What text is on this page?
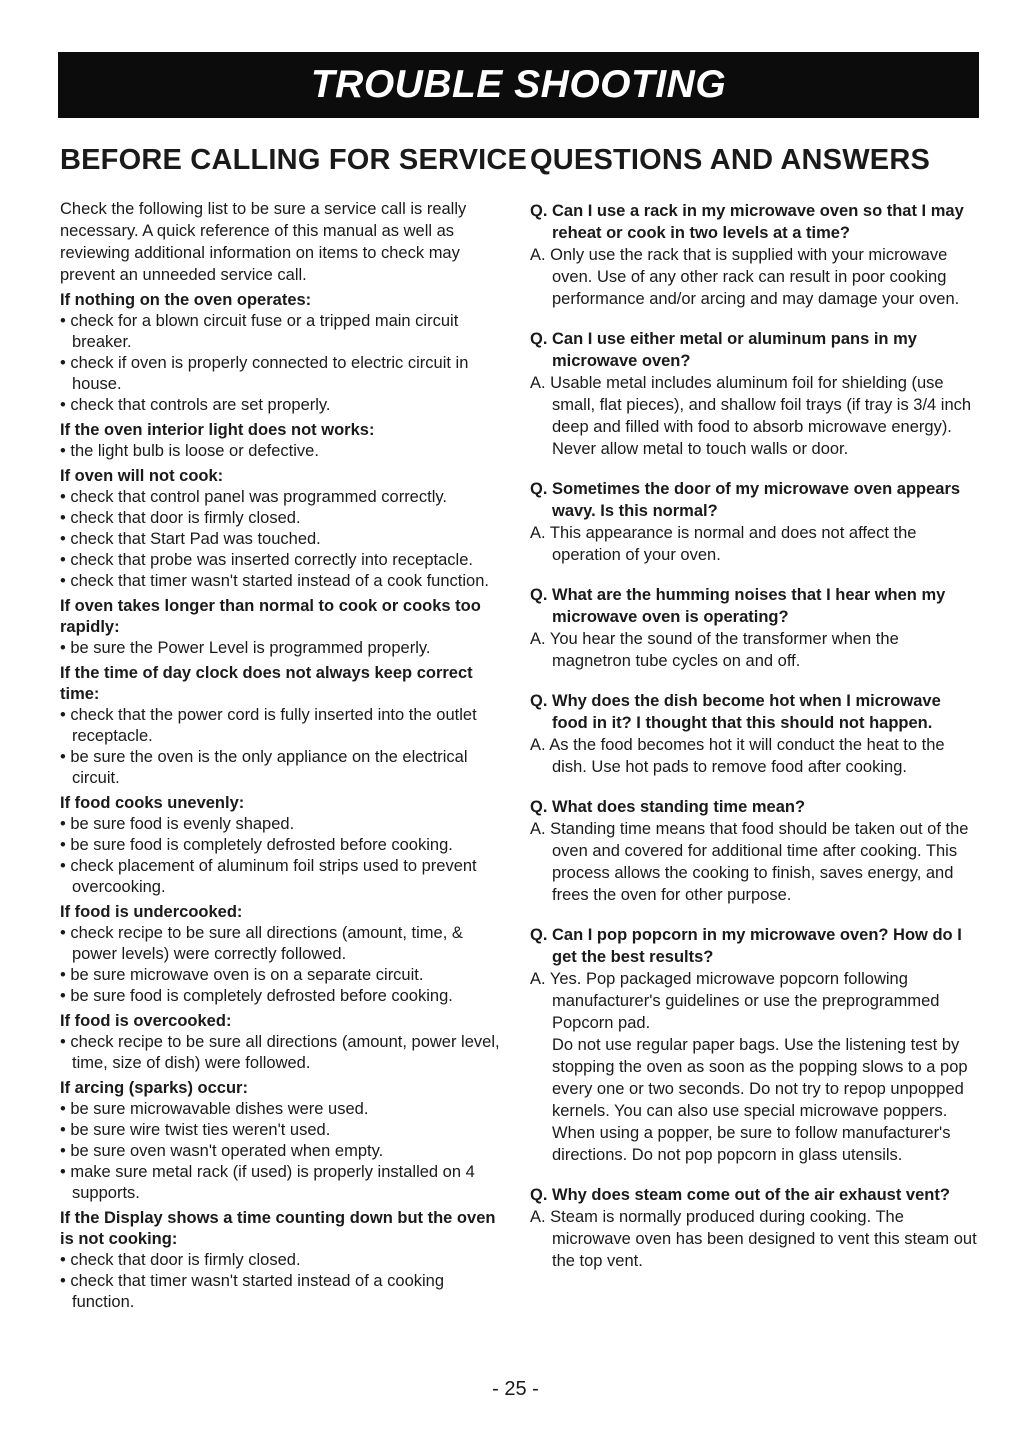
TROUBLE SHOOTING
BEFORE CALLING FOR SERVICE

Check the following list to be sure a service call is really necessary. A quick reference of this manual as well as reviewing additional information on items to check may prevent an unneeded service call.

If nothing on the oven operates:

• check for a blown circuit fuse or a tripped main circuit breaker.
• check if oven is properly connected to electric circuit in house.
• check that controls are set properly.

If the oven interior light does not works:

• the light bulb is loose or defective.

If oven will not cook:

• check that control panel was programmed correctly.
• check that door is firmly closed.
• check that Start Pad was touched.
• check that probe was inserted correctly into receptacle.
• check that timer wasn't started instead of a cook function.

If oven takes longer than normal to cook or cooks too rapidly:

• be sure the Power Level is programmed properly.

If the time of day clock does not always keep correct time:

• check that the power cord is fully inserted into the outlet receptacle.
• be sure the oven is the only appliance on the electrical circuit.

If food cooks unevenly:

• be sure food is evenly shaped.
• be sure food is completely defrosted before cooking.
• check placement of aluminum foil strips used to prevent overcooking.

If food is undercooked:

• check recipe to be sure all directions (amount, time, & power levels) were correctly followed.
• be sure microwave oven is on a separate circuit.
• be sure food is completely defrosted before cooking.

If food is overcooked:

• check recipe to be sure all directions (amount, power level, time, size of dish) were followed.

If arcing (sparks) occur:

• be sure microwavable dishes were used.
• be sure wire twist ties weren't used.
• be sure oven wasn't operated when empty.
• make sure metal rack (if used) is properly installed on 4 supports.

If the Display shows a time counting down but the oven is not cooking:

• check that door is firmly closed.
• check that timer wasn't started instead of a cooking function.
QUESTIONS AND ANSWERS

Q. Can I use a rack in my microwave oven so that I may reheat or cook in two levels at a time?

A. Only use the rack that is supplied with your microwave oven. Use of any other rack can result in poor cooking performance and/or arcing and may damage your oven.

Q. Can I use either metal or aluminum pans in my microwave oven?

A. Usable metal includes aluminum foil for shielding (use small, flat pieces), and shallow foil trays (if tray is 3/4 inch deep and filled with food to absorb microwave energy). Never allow metal to touch walls or door.

Q. Sometimes the door of my microwave oven appears wavy. Is this normal?

A. This appearance is normal and does not affect the operation of your oven.

Q. What are the humming noises that I hear when my microwave oven is operating?

A. You hear the sound of the transformer when the magnetron tube cycles on and off.

Q. Why does the dish become hot when I microwave food in it? I thought that this should not happen.

A. As the food becomes hot it will conduct the heat to the dish. Use hot pads to remove food after cooking.

Q. What does standing time mean?

A. Standing time means that food should be taken out of the oven and covered for additional time after cooking. This process allows the cooking to finish, saves energy, and frees the oven for other purpose.

Q. Can I pop popcorn in my microwave oven? How do I get the best results?

A. Yes. Pop packaged microwave popcorn following manufacturer's guidelines or use the preprogrammed Popcorn pad.

Do not use regular paper bags. Use the listening test by stopping the oven as soon as the popping slows to a pop every one or two seconds. Do not try to repop unpopped kernels. You can also use special microwave poppers. When using a popper, be sure to follow manufacturer's directions. Do not pop popcorn in glass utensils.

Q. Why does steam come out of the air exhaust vent?

A. Steam is normally produced during cooking. The microwave oven has been designed to vent this steam out the top vent.

- 25 -
